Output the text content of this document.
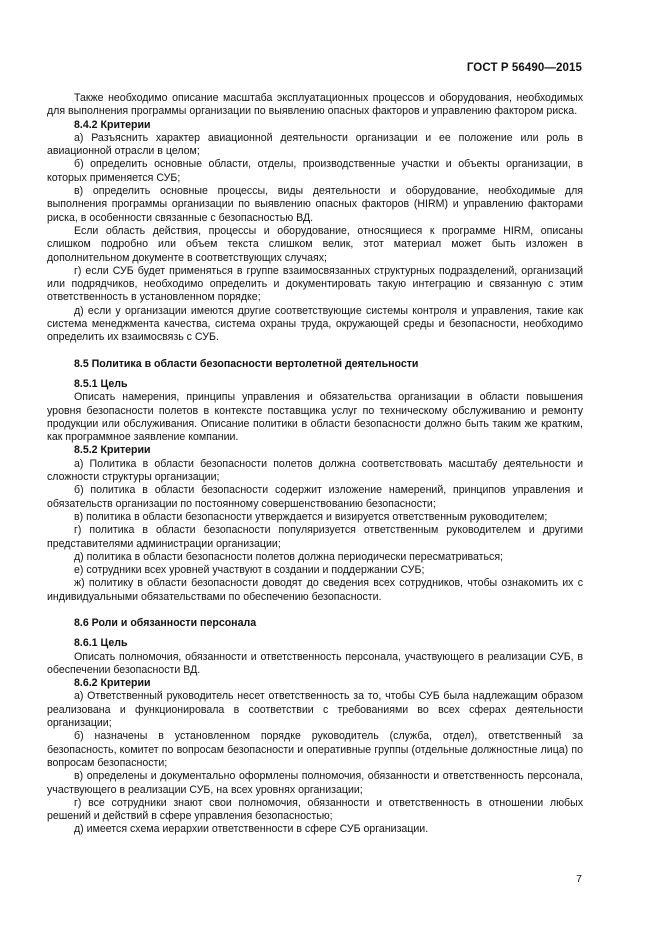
ГОСТ Р 56490—2015

Также необходимо описание масштаба эксплуатационных процессов и оборудования, необходимых для выполнения программы организации по выявлению опасных факторов и управлению фактором риска.

8.4.2 Критерии

а) Разъяснить характер авиационной деятельности организации и ее положение или роль в авиационной отрасли в целом;

б) определить основные области, отделы, производственные участки и объекты организации, в которых применяется СУБ;

в) определить основные процессы, виды деятельности и оборудование, необходимые для выполнения программы организации по выявлению опасных факторов (HIRM) и управлению факторами риска, в особенности связанные с безопасностью ВД.

Если область действия, процессы и оборудование, относящиеся к программе HIRM, описаны слишком подробно или объем текста слишком велик, этот материал может быть изложен в дополнительном документе в соответствующих случаях;

г) если СУБ будет применяться в группе взаимосвязанных структурных подразделений, организаций или подрядчиков, необходимо определить и документировать такую интеграцию и связанную с этим ответственность в установленном порядке;

д) если у организации имеются другие соответствующие системы контроля и управления, такие как система менеджмента качества, система охраны труда, окружающей среды и безопасности, необходимо определить их взаимосвязь с СУБ.

8.5 Политика в области безопасности вертолетной деятельности

8.5.1 Цель

Описать намерения, принципы управления и обязательства организации в области повышения уровня безопасности полетов в контексте поставщика услуг по техническому обслуживанию и ремонту продукции или обслуживания. Описание политики в области безопасности должно быть таким же кратким, как программное заявление компании.

8.5.2 Критерии

а) Политика в области безопасности полетов должна соответствовать масштабу деятельности и сложности структуры организации;

б) политика в области безопасности содержит изложение намерений, принципов управления и обязательств организации по постоянному совершенствованию безопасности;

в) политика в области безопасности утверждается и визируется ответственным руководителем;

г) политика в области безопасности популяризуется ответственным руководителем и другими представителями администрации организации;

д) политика в области безопасности полетов должна периодически пересматриваться;

е) сотрудники всех уровней участвуют в создании и поддержании СУБ;

ж) политику в области безопасности доводят до сведения всех сотрудников, чтобы ознакомить их с индивидуальными обязательствами по обеспечению безопасности.

8.6 Роли и обязанности персонала

8.6.1 Цель

Описать полномочия, обязанности и ответственность персонала, участвующего в реализации СУБ, в обеспечении безопасности ВД.

8.6.2 Критерии

а) Ответственный руководитель несет ответственность за то, чтобы СУБ была надлежащим образом реализована и функционировала в соответствии с требованиями во всех сферах деятельности организации;

б) назначены в установленном порядке руководитель (служба, отдел), ответственный за безопасность, комитет по вопросам безопасности и оперативные группы (отдельные должностные лица) по вопросам безопасности;

в) определены и документально оформлены полномочия, обязанности и ответственность персонала, участвующего в реализации СУБ, на всех уровнях организации;

г) все сотрудники знают свои полномочия, обязанности и ответственность в отношении любых решений и действий в сфере управления безопасностью;

д) имеется схема иерархии ответственности в сфере СУБ организации.

7
